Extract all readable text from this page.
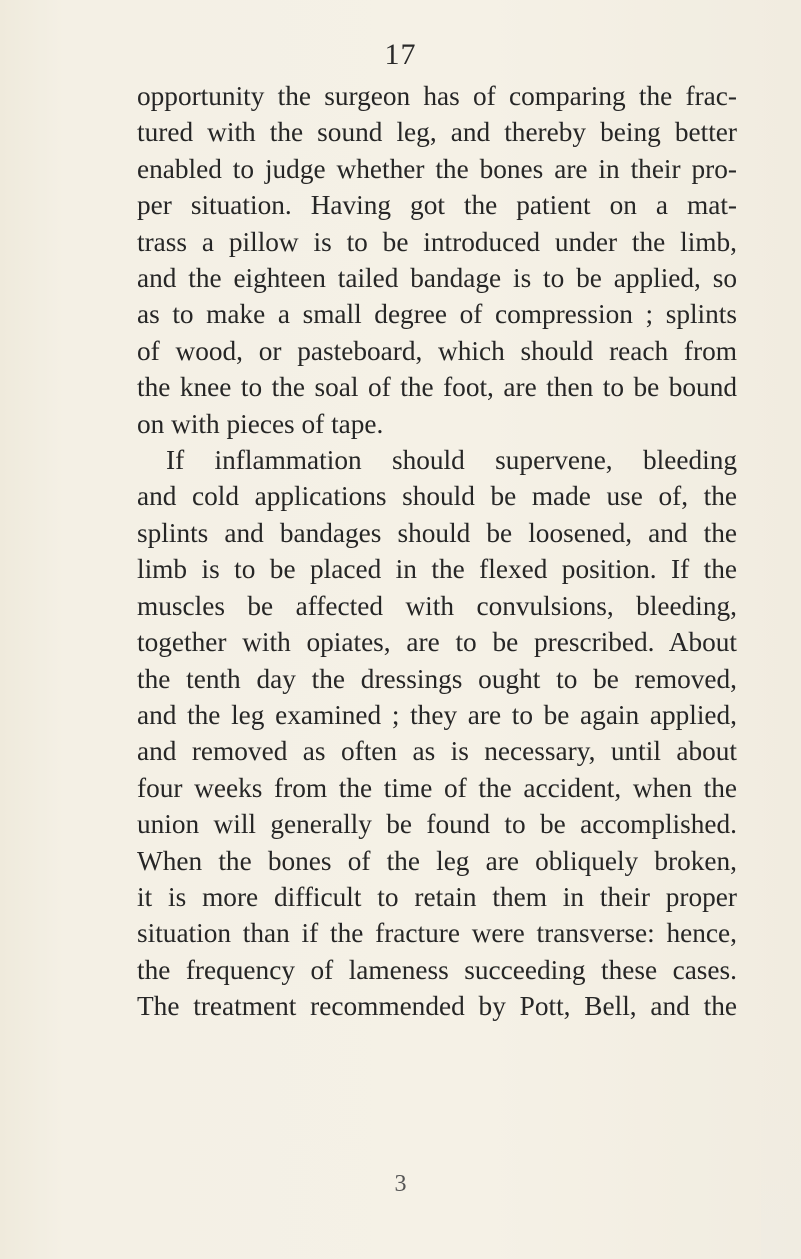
17
opportunity the surgeon has of comparing the frac-
tured with the sound leg, and thereby being better
enabled to judge whether the bones are in their pro-
per situation. Having got the patient on a mat-
trass a pillow is to be introduced under the limb,
and the eighteen tailed bandage is to be applied, so
as to make a small degree of compression ; splints
of wood, or pasteboard, which should reach from
the knee to the soal of the foot, are then to be bound
on with pieces of tape.
If inflammation should supervene, bleeding
and cold applications should be made use of, the
splints and bandages should be loosened, and the
limb is to be placed in the flexed position. If the
muscles be affected with convulsions, bleeding,
together with opiates, are to be prescribed. About
the tenth day the dressings ought to be removed,
and the leg examined ; they are to be again applied,
and removed as often as is necessary, until about
four weeks from the time of the accident, when the
union will generally be found to be accomplished.
When the bones of the leg are obliquely broken,
it is more difficult to retain them in their proper
situation than if the fracture were transverse: hence,
the frequency of lameness succeeding these cases.
The treatment recommended by Pott, Bell, and the
3
